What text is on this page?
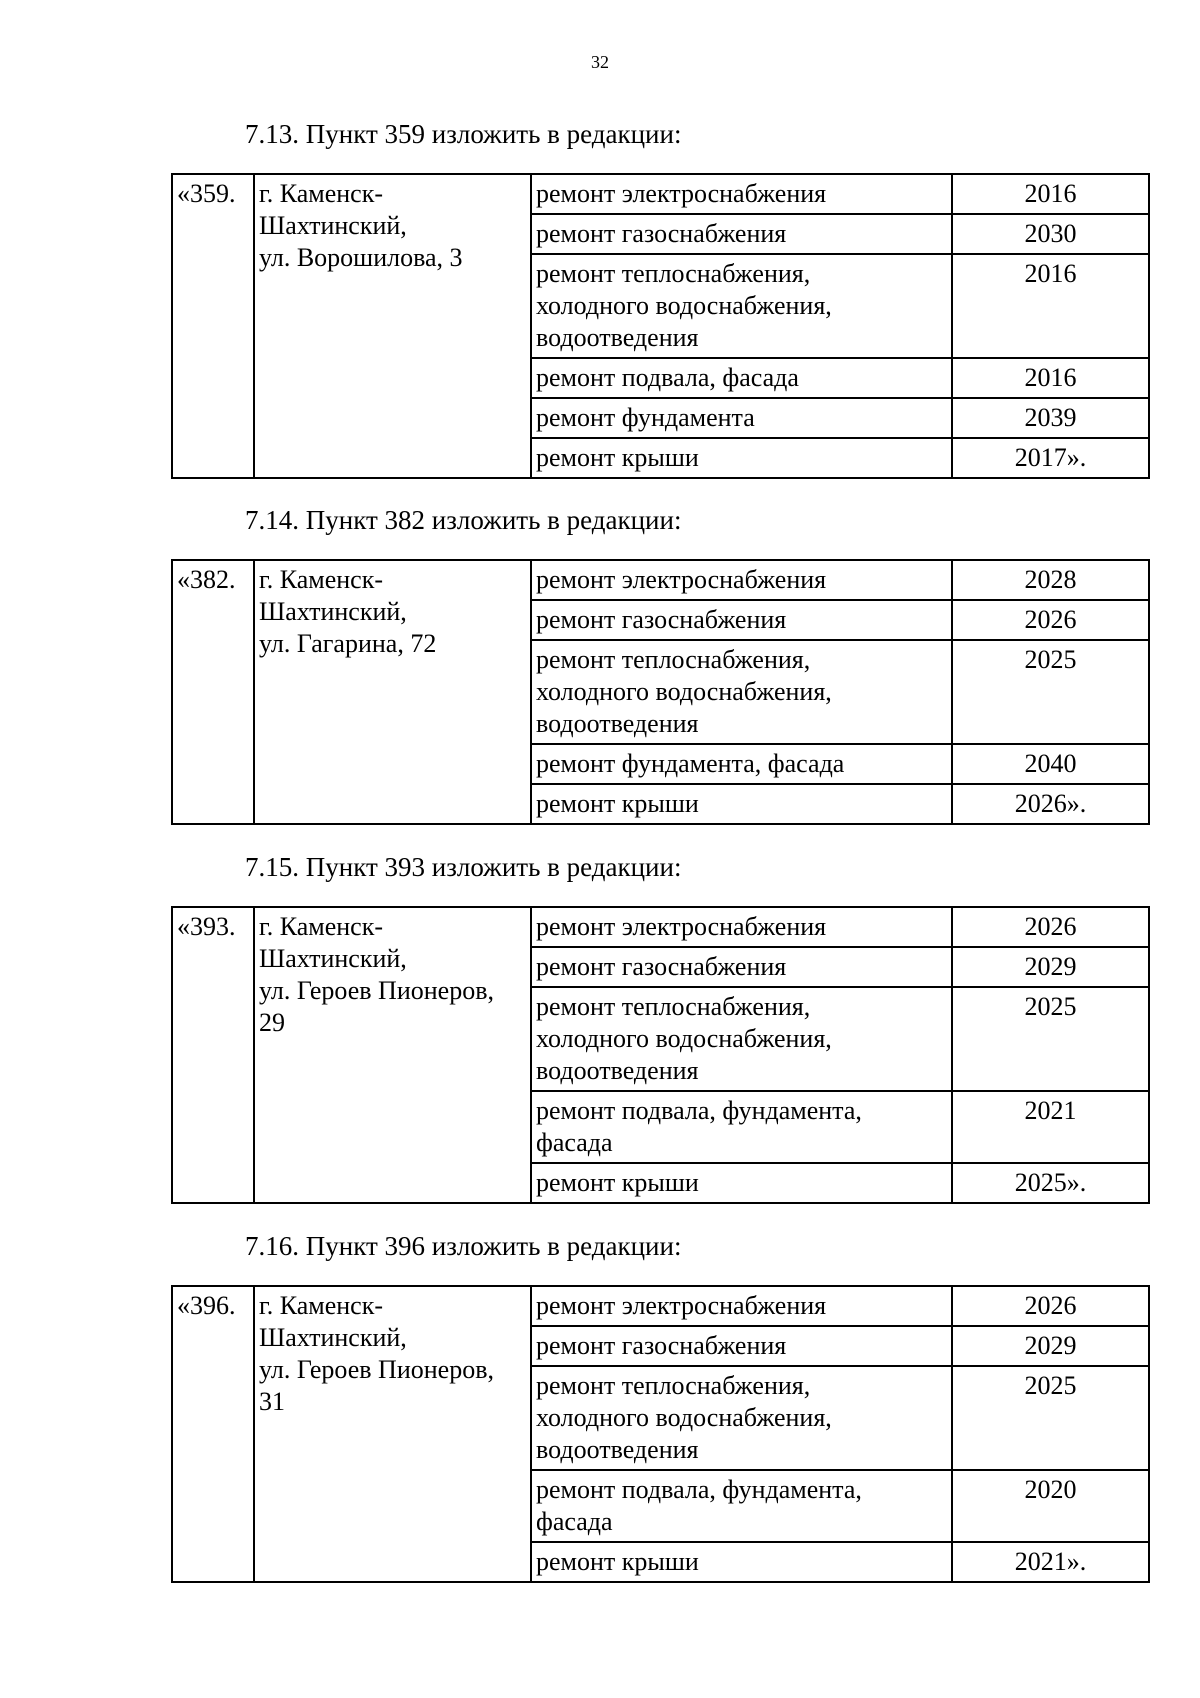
32

7.13. Пункт 359 изложить в редакции:

«359.	г. Каменск-
Шахтинский,
ул. Ворошилова, 3	ремонт электроснабжения	2016
		ремонт газоснабжения	2030
		ремонт теплоснабжения,
холодного водоснабжения,
водоотведения	2016
		ремонт подвала, фасада	2016
		ремонт фундамента	2039
		ремонт крыши	2017».

7.14. Пункт 382 изложить в редакции:

«382.	г. Каменск-
Шахтинский,
ул. Гагарина, 72	ремонт электроснабжения	2028
		ремонт газоснабжения	2026
		ремонт теплоснабжения,
холодного водоснабжения,
водоотведения	2025
		ремонт фундамента, фасада	2040
		ремонт крыши	2026».

7.15. Пункт 393 изложить в редакции:

«393.	г. Каменск-
Шахтинский,
ул. Героев Пионеров,
29	ремонт электроснабжения	2026
		ремонт газоснабжения	2029
		ремонт теплоснабжения,
холодного водоснабжения,
водоотведения	2025
		ремонт подвала, фундамента,
фасада	2021
		ремонт крыши	2025».

7.16. Пункт 396 изложить в редакции:

«396.	г. Каменск-
Шахтинский,
ул. Героев Пионеров,
31	ремонт электроснабжения	2026
		ремонт газоснабжения	2029
		ремонт теплоснабжения,
холодного водоснабжения,
водоотведения	2025
		ремонт подвала, фундамента,
фасада	2020
		ремонт крыши	2021».
